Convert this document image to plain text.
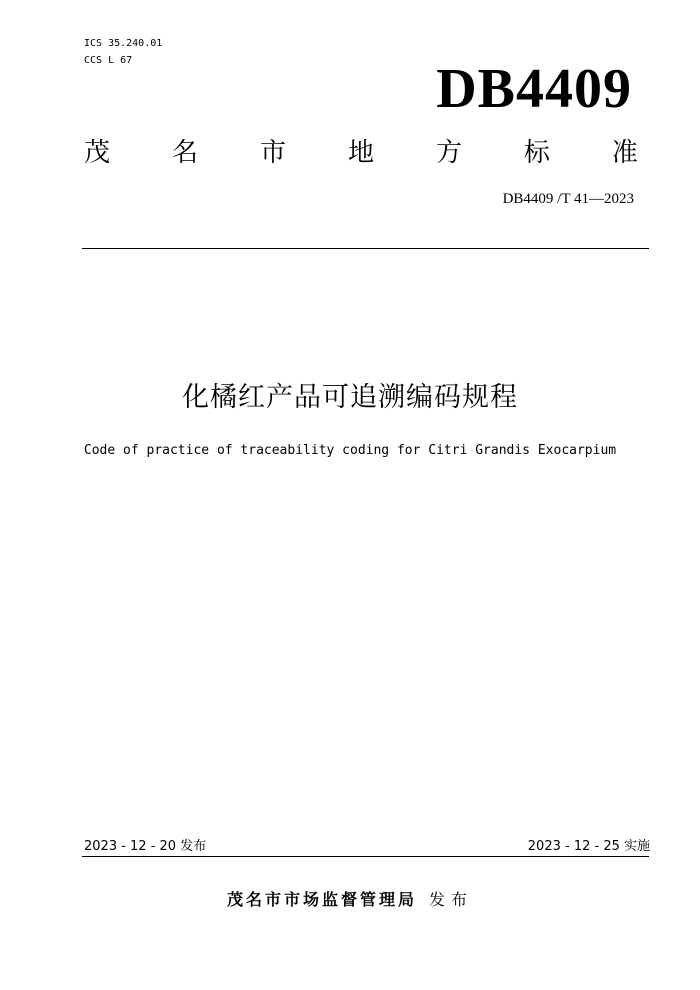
ICS 35.240.01
CCS L 67	DB4409
茂 名 市 地 方 标 准
DB4409 /T 41—2023
化橘红产品可追溯编码规程
Code of practice of traceability coding for Citri Grandis Exocarpium
2023 - 12 - 20 发布	2023 - 12 - 25 实施
茂名市市场监督管理局 发布
